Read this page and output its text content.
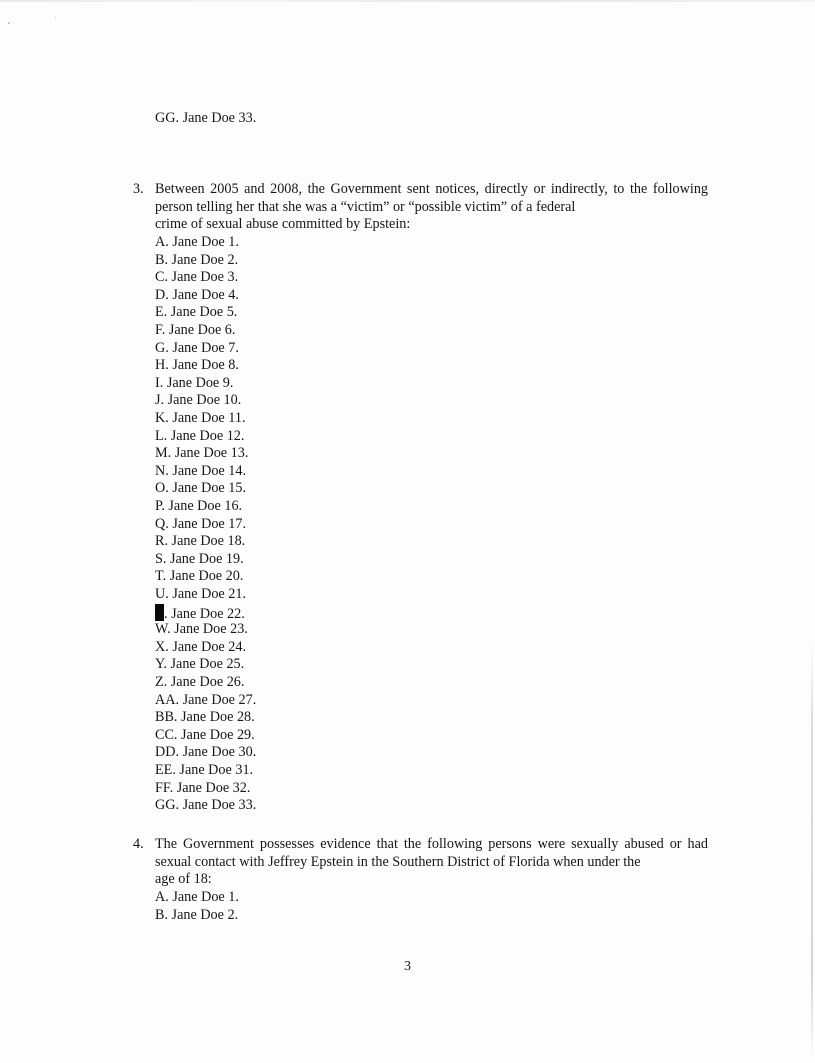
GG. Jane Doe 33.
3. Between 2005 and 2008, the Government sent notices, directly or indirectly, to the following person telling her that she was a “victim” or “possible victim” of a federal
crime of sexual abuse committed by Epstein:
A. Jane Doe 1.
B. Jane Doe 2.
C. Jane Doe 3.
D. Jane Doe 4.
E. Jane Doe 5.
F. Jane Doe 6.
G. Jane Doe 7.
H. Jane Doe 8.
I. Jane Doe 9.
J. Jane Doe 10.
K. Jane Doe 11.
L. Jane Doe 12.
M. Jane Doe 13.
N. Jane Doe 14.
O. Jane Doe 15.
P. Jane Doe 16.
Q. Jane Doe 17.
R. Jane Doe 18.
S. Jane Doe 19.
T. Jane Doe 20.
U. Jane Doe 21.
. Jane Doe 22.
W. Jane Doe 23.
X. Jane Doe 24.
Y. Jane Doe 25.
Z. Jane Doe 26.
AA. Jane Doe 27.
BB. Jane Doe 28.
CC. Jane Doe 29.
DD. Jane Doe 30.
EE. Jane Doe 31.
FF. Jane Doe 32.
GG. Jane Doe 33.
4. The Government possesses evidence that the following persons were sexually abused or had sexual contact with Jeffrey Epstein in the Southern District of Florida when under the
age of 18:
A. Jane Doe 1.
B. Jane Doe 2.
3
